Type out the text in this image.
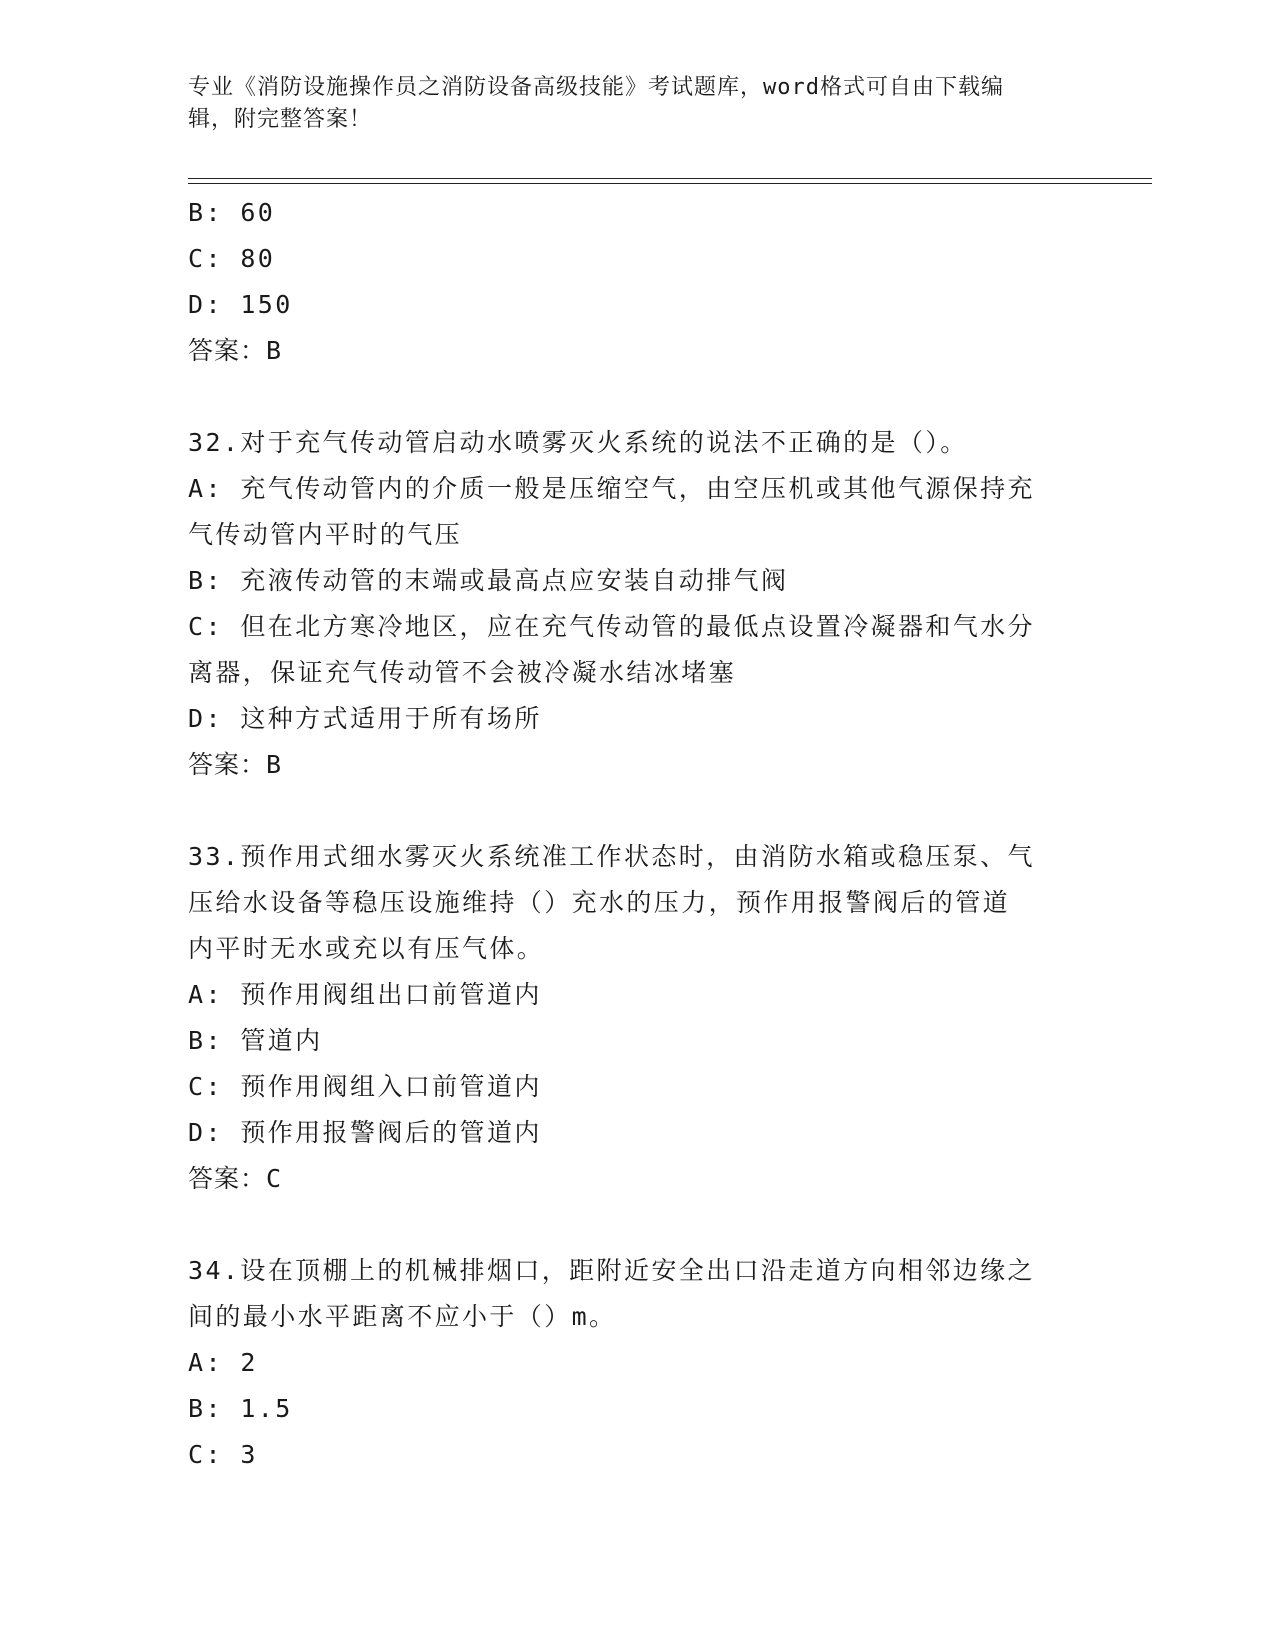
专业《消防设施操作员之消防设备高级技能》考试题库，word格式可自由下载编
辑，附完整答案！
B: 60
C: 80
D: 150
答案：B
32.对于充气传动管启动水喷雾灭火系统的说法不正确的是（）。
A: 充气传动管内的介质一般是压缩空气，由空压机或其他气源保持充
气传动管内平时的气压
B: 充液传动管的末端或最高点应安装自动排气阀
C: 但在北方寒冷地区，应在充气传动管的最低点设置冷凝器和气水分
离器，保证充气传动管不会被冷凝水结冰堵塞
D: 这种方式适用于所有场所
答案：B
33.预作用式细水雾灭火系统准工作状态时，由消防水箱或稳压泵、气
压给水设备等稳压设施维持（）充水的压力，预作用报警阀后的管道
内平时无水或充以有压气体。
A: 预作用阀组出口前管道内
B: 管道内
C: 预作用阀组入口前管道内
D: 预作用报警阀后的管道内
答案：C
34.设在顶棚上的机械排烟口，距附近安全出口沿走道方向相邻边缘之
间的最小水平距离不应小于（）m。
A: 2
B: 1.5
C: 3
